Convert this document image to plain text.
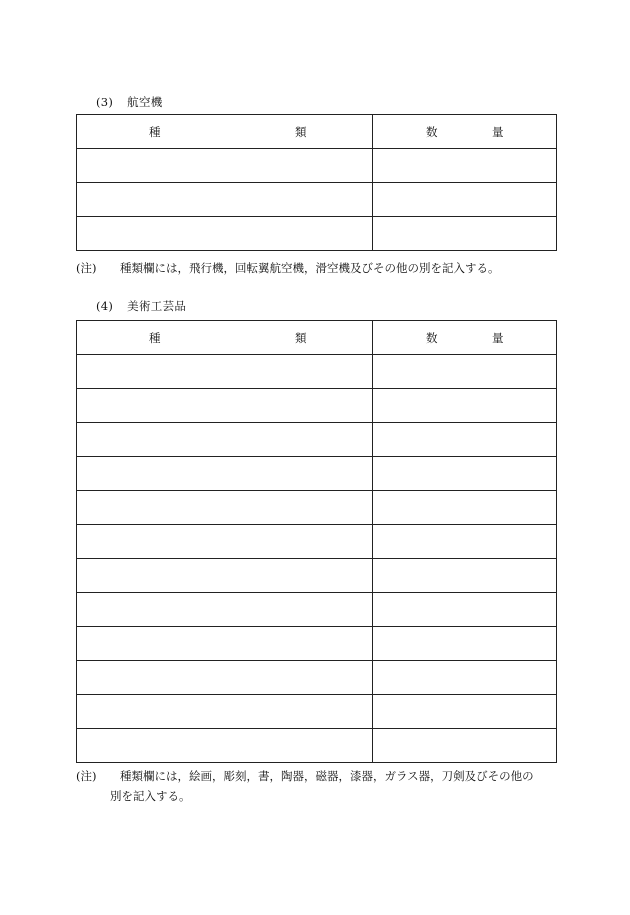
(3) 航空機
種 類	数 量

(注) 種類欄には，飛行機，回転翼航空機，滑空機及びその他の別を記入する。
(4) 美術工芸品
種 類	数 量

(注) 種類欄には，絵画，彫刻，書，陶器，磁器，漆器，ガラス器，刀剣及びその他の
別を記入する。
